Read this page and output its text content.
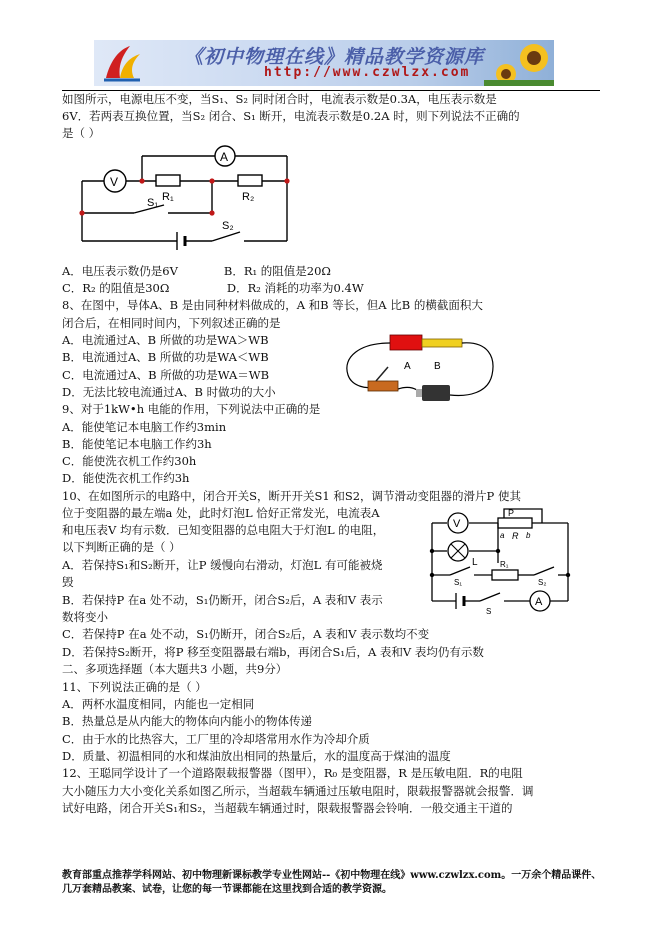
《初中物理在线》精品教学资源库
http://www.czwlzx.com
如图所示，电源电压不变，当S₁、S₂ 同时闭合时，电流表示数是0.3A，电压表示数是
6V．若两表互换位置，当S₂ 闭合、S₁ 断开，电流表示数是0.2A 时，则下列说法不正确的
是（ ）
A．电压表示数仍是6V　　　　B．R₁ 的阻值是20Ω
C．R₂ 的阻值是30Ω　　　　　D．R₂ 消耗的功率为0.4W
8、在图中，导体A、B 是由同种材料做成的，A 和B 等长，但A 比B 的横截面积大
闭合后，在相同时间内，下列叙述正确的是
A．电流通过A、B 所做的功是WA＞WB
B．电流通过A、B 所做的功是WA＜WB
C．电流通过A、B 所做的功是WA＝WB
D．无法比较电流通过A、B 时做功的大小
9、对于1kW•h 电能的作用，下列说法中正确的是
A．能使笔记本电脑工作约3min
B．能使笔记本电脑工作约3h
C．能使洗衣机工作约30h
D．能使洗衣机工作约3h
10、在如图所示的电路中，闭合开关S，断开开关S1 和S2，调节滑动变阻器的滑片P 使其
位于变阻器的最左端a 处，此时灯泡L 恰好正常发光，电流表A
和电压表V 均有示数．已知变阻器的总电阻大于灯泡L 的电阻，
以下判断正确的是（ ）
A．若保持S₁和S₂断开，让P 缓慢向右滑动，灯泡L 有可能被烧
毁
B．若保持P 在a 处不动，S₁仍断开，闭合S₂后，A 表和V 表示
数将变小
C．若保持P 在a 处不动，S₁仍断开，闭合S₂后，A 表和V 表示数均不变
D．若保持S₂断开，将P 移至变阻器最右端b，再闭合S₁后，A 表和V 表均仍有示数
二、多项选择题（本大题共3 小题，共9分）
11、下列说法正确的是（ ）
A．两杯水温度相同，内能也一定相同
B．热量总是从内能大的物体向内能小的物体传递
C．由于水的比热容大，工厂里的冷却塔常用水作为冷却介质
D．质量、初温相同的水和煤油放出相同的热量后，水的温度高于煤油的温度
12、王聪同学设计了一个道路限载报警器（图甲），R₀ 是变阻器，R 是压敏电阻．R的电阻
大小随压力大小变化关系如图乙所示，当超载车辆通过压敏电阻时，限载报警器就会报警．调
试好电路，闭合开关S₁和S₂，当超载车辆通过时，限载报警器会铃响．一般交通主干道的
A
V
R₁	R₂
S₁
S₂
A B
V
A
L
P
R
a	b
S₁	S₂
R₁
S
教育部重点推荐学科网站、初中物理新课标教学专业性网站--《初中物理在线》www.czwlzx.com。一万余个精品课件、
几万套精品教案、试卷，让您的每一节课都能在这里找到合适的教学资源。
